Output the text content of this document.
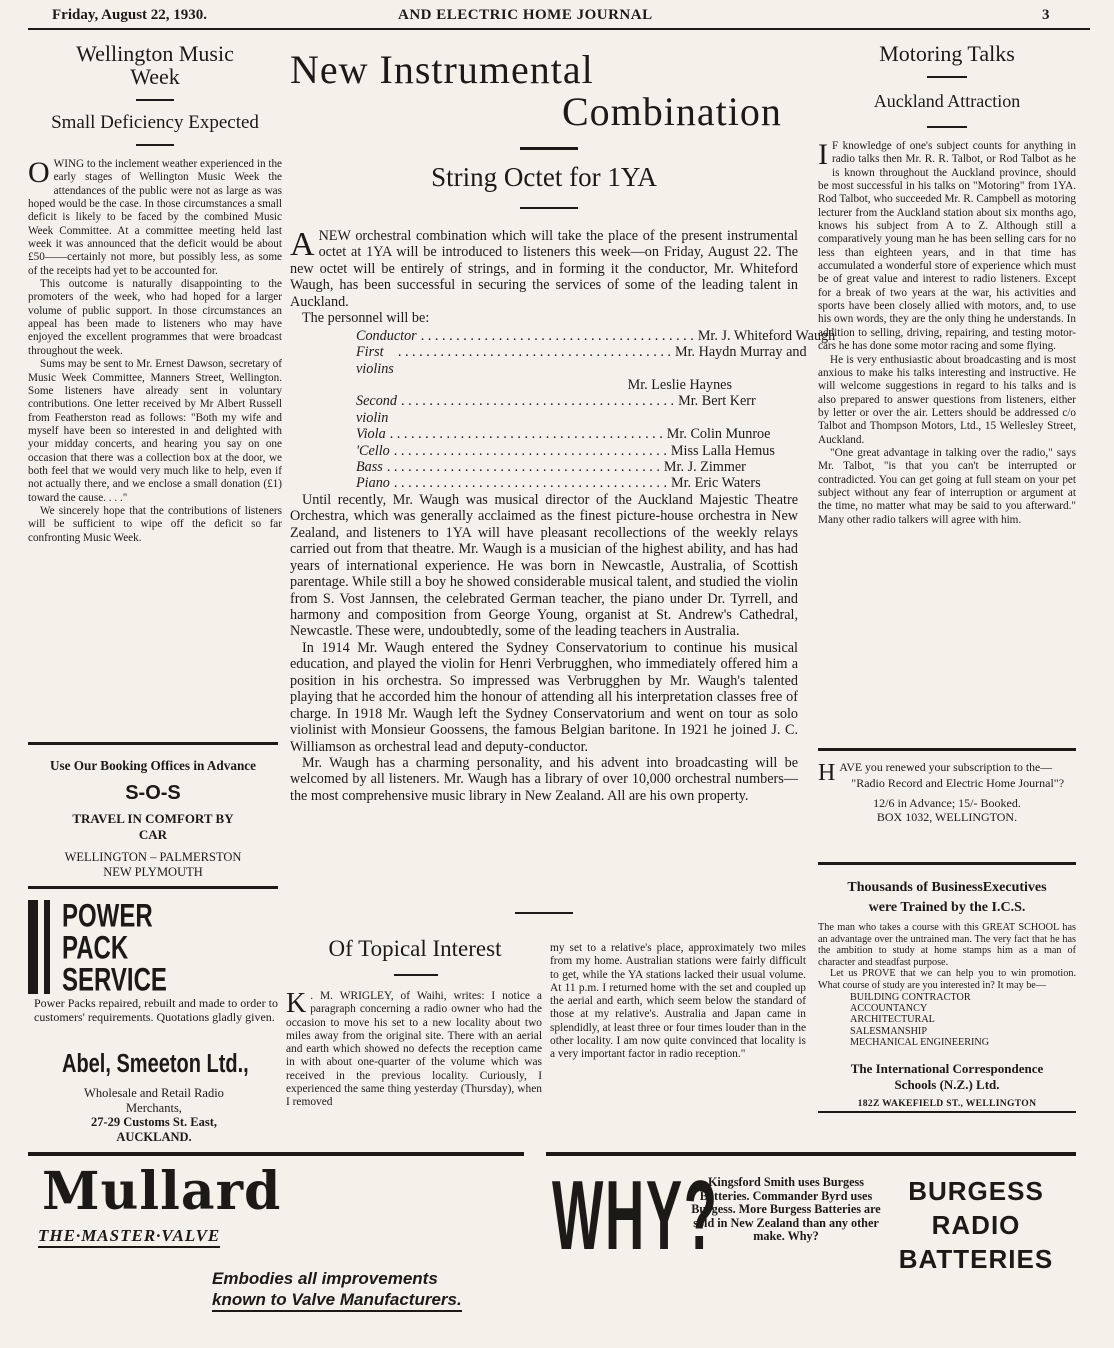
Friday, August 22, 1930.	AND ELECTRIC HOME JOURNAL	3
Wellington Music
Week
Small Deficiency Expected

OWING to the inclement weather experienced in the early stages of Wellington Music Week the attendances of the public were not as large as was hoped would be the case. In those circumstances a small deficit is likely to be faced by the combined Music Week Committee. At a committee meeting held last week it was announced that the deficit would be about £50——certainly not more, but possibly less, as some of the receipts had yet to be accounted for.

This outcome is naturally disappointing to the promoters of the week, who had hoped for a larger volume of public support. In those circumstances an appeal has been made to listeners who may have enjoyed the excellent programmes that were broadcast throughout the week.

Sums may be sent to Mr. Ernest Dawson, secretary of Music Week Committee, Manners Street, Wellington. Some listeners have already sent in voluntary contributions. One letter received by Mr Albert Russell from Featherston read as follows: "Both my wife and myself have been so interested in and delighted with your midday concerts, and hearing you say on one occasion that there was a collection box at the door, we both feel that we would very much like to help, even if not actually there, and we enclose a small donation (£1) toward the cause. . . ."

We sincerely hope that the contributions of listeners will be sufficient to wipe off the deficit so far confronting Music Week.

Use Our Booking Offices in Advance
S-O-S
TRAVEL IN COMFORT BY
CAR
WELLINGTON – PALMERSTON
NEW PLYMOUTH
POWER
PACK
SERVICE

Power Packs repaired, rebuilt and made to order to customers' requirements. Quotations gladly given.

Abel, Smeeton Ltd.,
Wholesale and Retail Radio
Merchants,
27-29 Customs St. East,
AUCKLAND.
New Instrumental
Combination
String Octet for 1YA

ANEW orchestral combination which will take the place of the present instrumental octet at 1YA will be introduced to listeners this week—on Friday, August 22. The new octet will be entirely of strings, and in forming it the conductor, Mr. Whiteford Waugh, has been successful in securing the services of some of the leading talent in Auckland.

The personnel will be:

Conductor . . . . . . . . . . . . . . . . . . . . . . . . . . . . . . . . . . . . . . . Mr. J. Whiteford Waugh
First violins
. . . . . . . . . . . . . . . . . . . . . . . . . . . . . . . . . . . . . . . Mr. Haydn Murray and
Mr. Leslie Haynes
Second violin
. . . . . . . . . . . . . . . . . . . . . . . . . . . . . . . . . . . . . . . Mr. Bert Kerr
Viola . . . . . . . . . . . . . . . . . . . . . . . . . . . . . . . . . . . . . . . Mr. Colin Munroe
'Cello . . . . . . . . . . . . . . . . . . . . . . . . . . . . . . . . . . . . . . . Miss Lalla Hemus
Bass . . . . . . . . . . . . . . . . . . . . . . . . . . . . . . . . . . . . . . . Mr. J. Zimmer
Piano . . . . . . . . . . . . . . . . . . . . . . . . . . . . . . . . . . . . . . . Mr. Eric Waters

Until recently, Mr. Waugh was musical director of the Auckland Majestic Theatre Orchestra, which was generally acclaimed as the finest picture-house orchestra in New Zealand, and listeners to 1YA will have pleasant recollections of the weekly relays carried out from that theatre. Mr. Waugh is a musician of the highest ability, and has had years of international experience. He was born in Newcastle, Australia, of Scottish parentage. While still a boy he showed considerable musical talent, and studied the violin from S. Vost Jannsen, the celebrated German teacher, the piano under Dr. Tyrrell, and harmony and composition from George Young, organist at St. Andrew's Cathedral, Newcastle. These were, undoubtedly, some of the leading teachers in Australia.

In 1914 Mr. Waugh entered the Sydney Conservatorium to continue his musical education, and played the violin for Henri Verbrugghen, who immediately offered him a position in his orchestra. So impressed was Verbrugghen by Mr. Waugh's talented playing that he accorded him the honour of attending all his interpretation classes free of charge. In 1918 Mr. Waugh left the Sydney Conservatorium and went on tour as solo violinist with Monsieur Goossens, the famous Belgian baritone. In 1921 he joined J. C. Williamson as orchestral lead and deputy-conductor.

Mr. Waugh has a charming personality, and his advent into broadcasting will be welcomed by all listeners. Mr. Waugh has a library of over 10,000 orchestral numbers—the most comprehensive music library in New Zealand. All are his own property.

Of Topical Interest

K . M. WRIGLEY, of Waihi, writes: I notice a paragraph concerning a radio owner who had the occasion to move his set to a new locality about two miles away from the original site. There with an aerial and earth which showed no defects the reception came in with about one-quarter of the volume which was received in the previous locality. Curiously, I experienced the same thing yesterday (Thursday), when I removed

my set to a relative's place, approximately two miles from my home. Australian stations were fairly difficult to get, while the YA stations lacked their usual volume. At 11 p.m. I returned home with the set and coupled up the aerial and earth, which seem below the standard of those at my relative's. Australia and Japan came in splendidly, at least three or four times louder than in the other locality. I am now quite convinced that locality is a very important factor in radio reception."

Motoring Talks
Auckland Attraction

I F knowledge of one's subject counts for anything in radio talks then Mr. R. R. Talbot, or Rod Talbot as he is known throughout the Auckland province, should be most successful in his talks on "Motoring" from 1YA. Rod Talbot, who succeeded Mr. R. Campbell as motoring lecturer from the Auckland station about six months ago, knows his subject from A to Z. Although still a comparatively young man he has been selling cars for no less than eighteen years, and in that time has accumulated a wonderful store of experience which must be of great value and interest to radio listeners. Except for a break of two years at the war, his activities and sports have been closely allied with motors, and, to use his own words, they are the only thing he understands. In addition to selling, driving, repairing, and testing motor-cars he has done some motor racing and some flying.

He is very enthusiastic about broadcasting and is most anxious to make his talks interesting and instructive. He will welcome suggestions in regard to his talks and is also prepared to answer questions from listeners, either by letter or over the air. Letters should be addressed c/o Talbot and Thompson Motors, Ltd., 15 Wellesley Street, Auckland.

"One great advantage in talking over the radio," says Mr. Talbot, "is that you can't be interrupted or contradicted. You can get going at full steam on your pet subject without any fear of interruption or argument at the time, no matter what may be said to you afterward." Many other radio talkers will agree with him.

HAVE you renewed your subscription to the—

"Radio Record and Electric Home Journal"?
12/6 in Advance; 15/- Booked.
BOX 1032, WELLINGTON.
Thousands of BusinessExecutives
were Trained by the I.C.S.

The man who takes a course with this GREAT SCHOOL has an advantage over the untrained man. The very fact that he has the ambition to study at home stamps him as a man of character and steadfast purpose.

Let us PROVE that we can help you to win promotion. What course of study are you interested in? It may be—

BUILDING CONTRACTOR
ACCOUNTANCY
ARCHITECTURAL
SALESMANSHIP
MECHANICAL ENGINEERING
The International Correspondence
Schools (N.Z.) Ltd.
182Z WAKEFIELD ST., WELLINGTON
Mullard
THE·MASTER·VALVE
Embodies all improvements
known to Valve Manufacturers.
WHY?

Kingsford Smith uses Burgess Batteries. Commander Byrd uses Burgess. More Burgess Batteries are sold in New Zealand than any other make. Why?

BURGESS
RADIO
BATTERIES
